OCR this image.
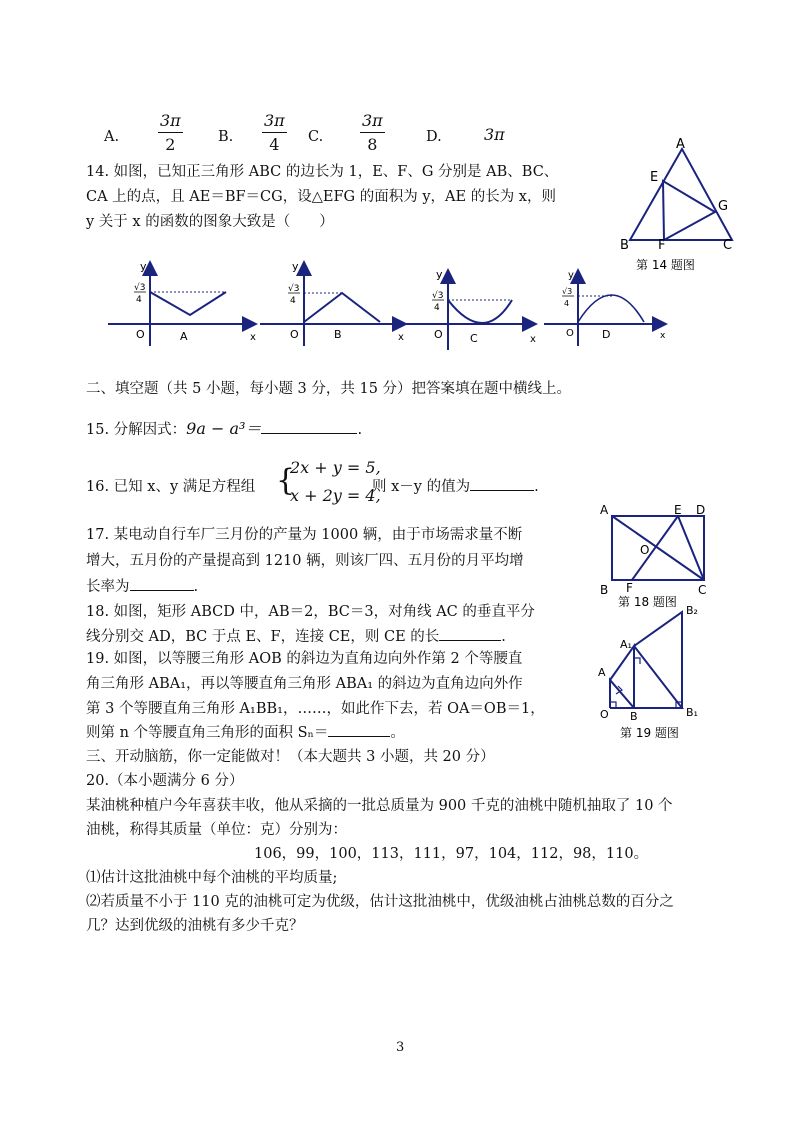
A. $\frac{3\pi}{2} B$. $\frac{3\pi}{4} C$. $\frac{3\pi}{8}$	D.	3π
14. 如图，已知正三角形 ABC 的边长为 1，E、F、G 分别是 AB、BC、
CA 上的点，且 AE＝BF＝CG，设△EFG 的面积为 y，AE 的长为 x，则
y 关于 x 的函数的图象大致是（　　）
A
E
G
B F	C
第 14 题图
y
√3
4
O	A	x
y
√3
4
O	B	x
y
√3
4
O C	x
y
√3
4
O	D	x
二、填空题（共 5 小题，每小题 3 分，共 15 分）把答案填在题中横线上。
15. 分解因式：9a − a³＝	.
16. 已知 x、y 满足方程组 {
2x + y = 5,
x + 2y = 4,
则 x－y 的值为	.
17. 某电动自行车厂三月份的产量为 1000 辆，由于市场需求量不断
增大，五月份的产量提高到 1210 辆，则该厂四、五月份的月平均增
长率为	.
18. 如图，矩形 ABCD 中，AB＝2，BC＝3，对角线 AC 的垂直平分
线分别交 AD，BC 于点 E、F，连接 CE，则 CE 的长	.
A	E D
O
B F	C
第 18 题图
19. 如图，以等腰三角形 AOB 的斜边为直角边向外作第 2 个等腰直
角三角形 ABA₁，再以等腰直角三角形 ABA₁ 的斜边为直角边向外作
第 3 个等腰直角三角形 A₁BB₁，……，如此作下去，若 OA＝OB＝1，
则第 n 个等腰直角三角形的面积 Sₙ＝	。
O
A
B
A₁
B₁
B₂
第 19 题图
三、开动脑筋，你一定能做对！（本大题共 3 小题，共 20 分）
20.（本小题满分 6 分）
某油桃种植户今年喜获丰收，他从采摘的一批总质量为 900 千克的油桃中随机抽取了 10 个
油桃，称得其质量（单位：克）分别为：
106，99，100，113，111，97，104，112，98，110。
⑴估计这批油桃中每个油桃的平均质量;
⑵若质量不小于 110 克的油桃可定为优级，估计这批油桃中，优级油桃占油桃总数的百分之
几？达到优级的油桃有多少千克？
3
